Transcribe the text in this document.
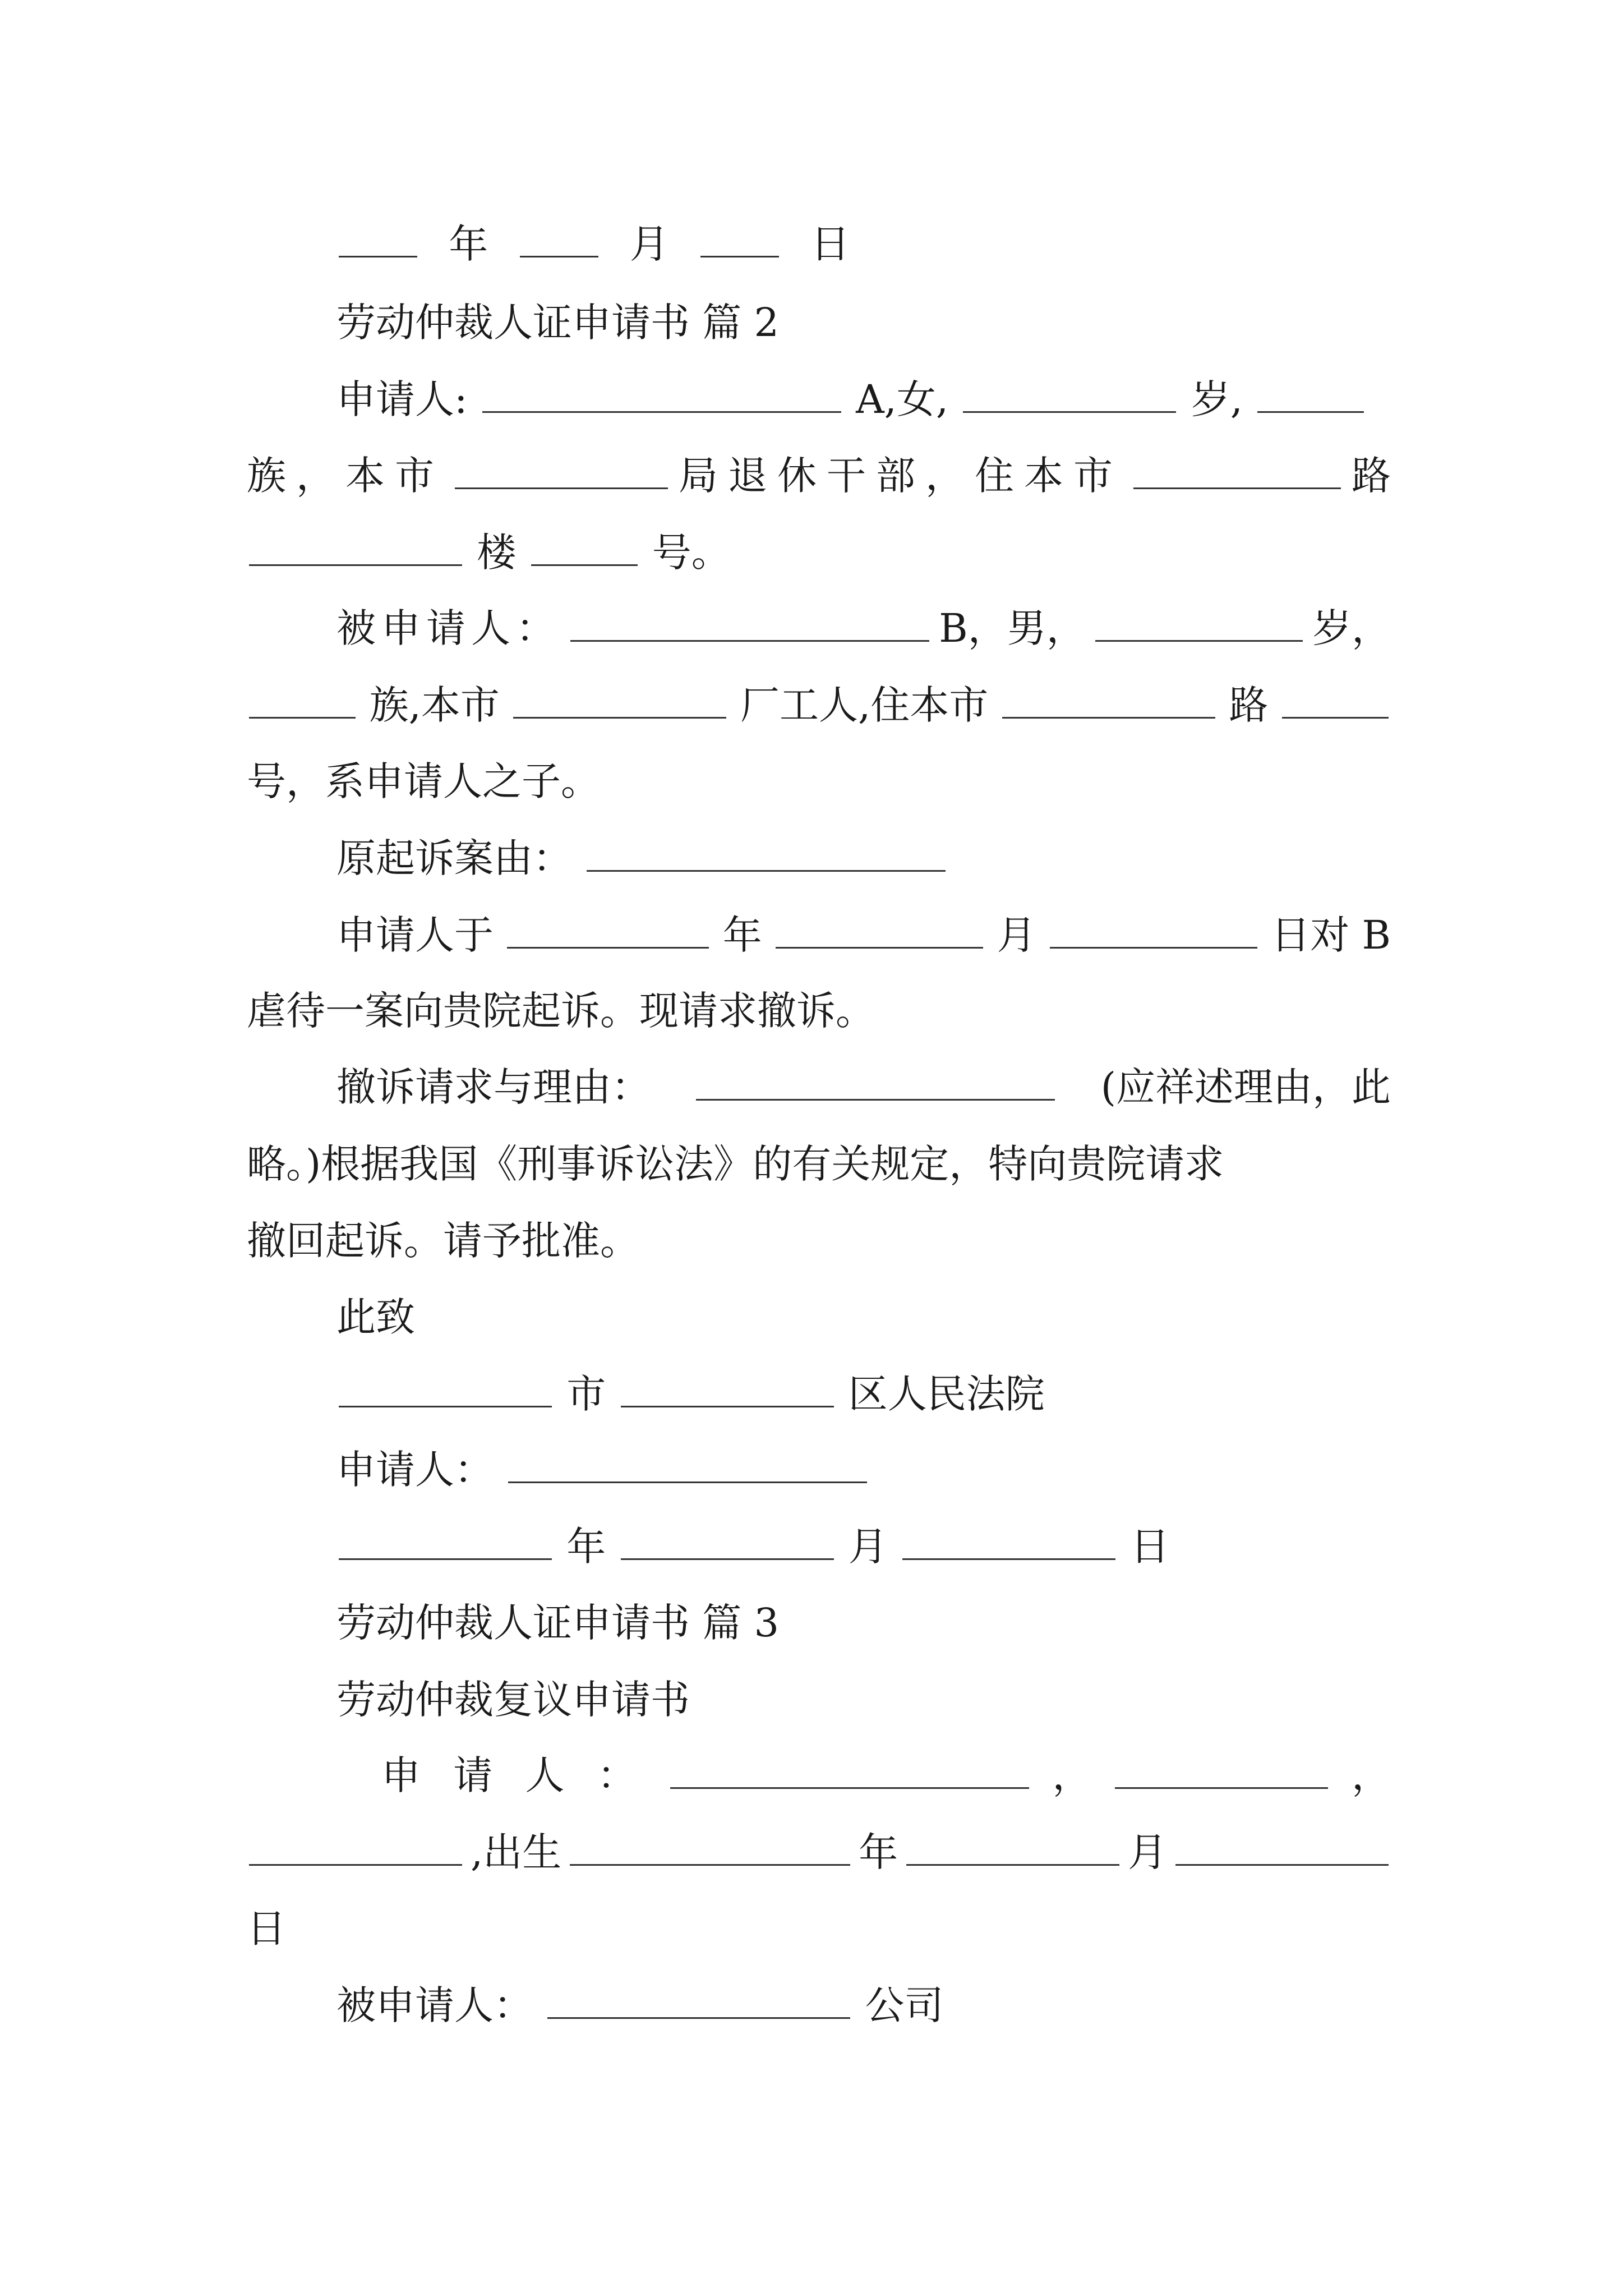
年	月	日
劳动仲裁人证申请书 篇 2
申请人:	A,女,	岁,
族，本市	局退休干部，住本市	路
楼	号。
被申请人：	B，男，	岁，
族,本市	厂工人,住本市	路
号，系申请人之子。
原起诉案由：
申请人于	年	月	日对 B
虐待一案向贵院起诉。现请求撤诉。
撤诉请求与理由：	(应祥述理由，此
略。)根据我国《刑事诉讼法》的有关规定，特向贵院请求
撤回起诉。请予批准。
此致
市	区人民法院
申请人：
年	月	日
劳动仲裁人证申请书 篇 3
劳动仲裁复议申请书
申 请 人 ：	，	，
,出生	年	月
日
被申请人：	公司
